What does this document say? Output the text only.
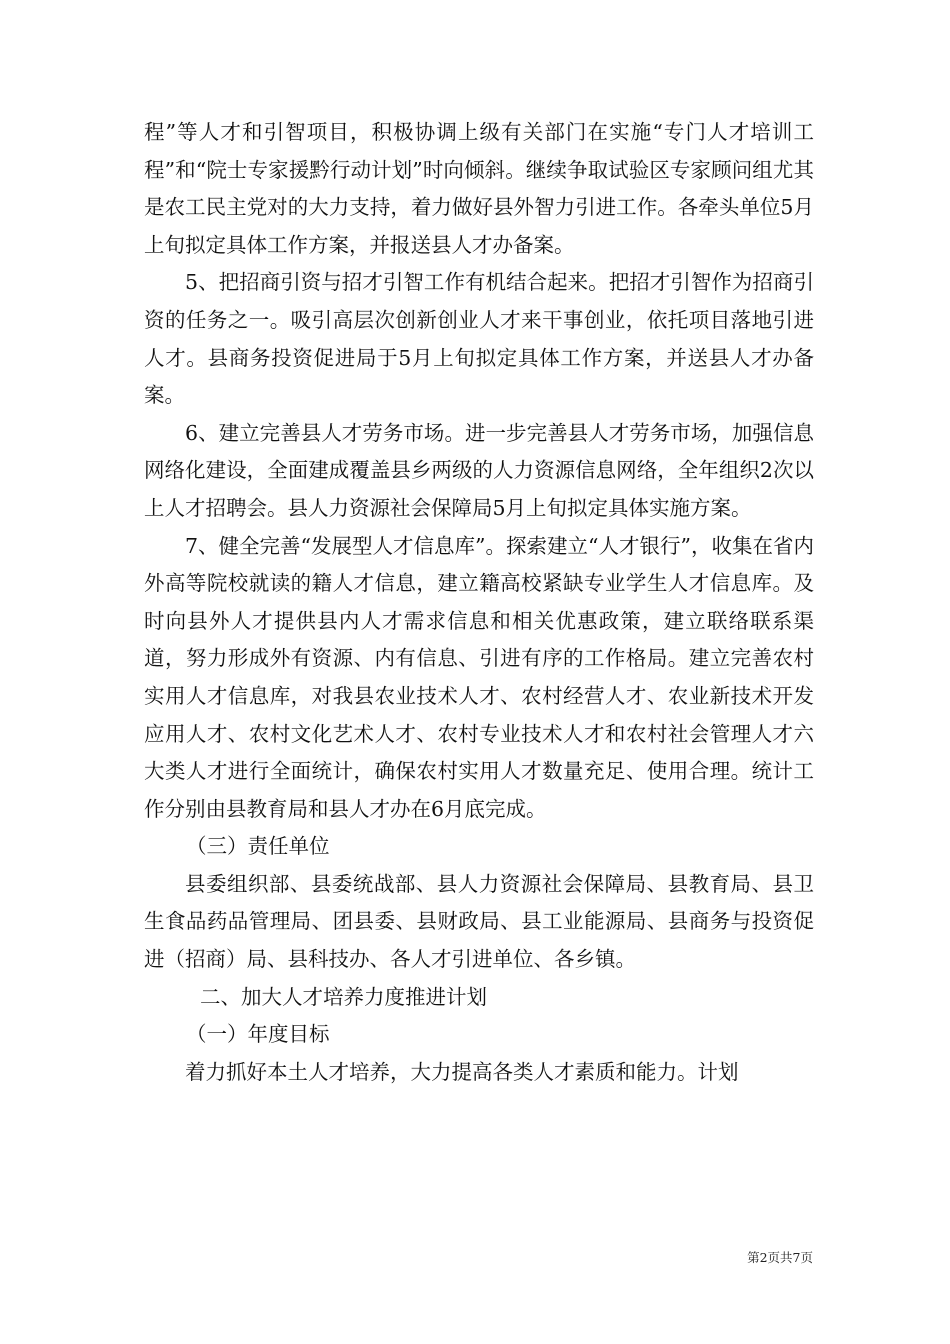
程”等人才和引智项目，积极协调上级有关部门在实施“专门人才培训工程”和“院士专家援黔行动计划”时向倾斜。继续争取试验区专家顾问组尤其是农工民主党对的大力支持，着力做好县外智力引进工作。各牵头单位5月上旬拟定具体工作方案，并报送县人才办备案。

5、把招商引资与招才引智工作有机结合起来。把招才引智作为招商引资的任务之一。吸引高层次创新创业人才来干事创业，依托项目落地引进人才。县商务投资促进局于5月上旬拟定具体工作方案，并送县人才办备案。

6、建立完善县人才劳务市场。进一步完善县人才劳务市场，加强信息网络化建设，全面建成覆盖县乡两级的人力资源信息网络，全年组织2次以上人才招聘会。县人力资源社会保障局5月上旬拟定具体实施方案。

7、健全完善“发展型人才信息库”。探索建立“人才银行”，收集在省内外高等院校就读的籍人才信息，建立籍高校紧缺专业学生人才信息库。及时向县外人才提供县内人才需求信息和相关优惠政策，建立联络联系渠道，努力形成外有资源、内有信息、引进有序的工作格局。建立完善农村实用人才信息库，对我县农业技术人才、农村经营人才、农业新技术开发应用人才、农村文化艺术人才、农村专业技术人才和农村社会管理人才六大类人才进行全面统计，确保农村实用人才数量充足、使用合理。统计工作分别由县教育局和县人才办在6月底完成。

（三）责任单位

县委组织部、县委统战部、县人力资源社会保障局、县教育局、县卫生食品药品管理局、团县委、县财政局、县工业能源局、县商务与投资促进（招商）局、县科技办、各人才引进单位、各乡镇。

二、加大人才培养力度推进计划

（一）年度目标

着力抓好本土人才培养，大力提高各类人才素质和能力。计划

第2页共7页
